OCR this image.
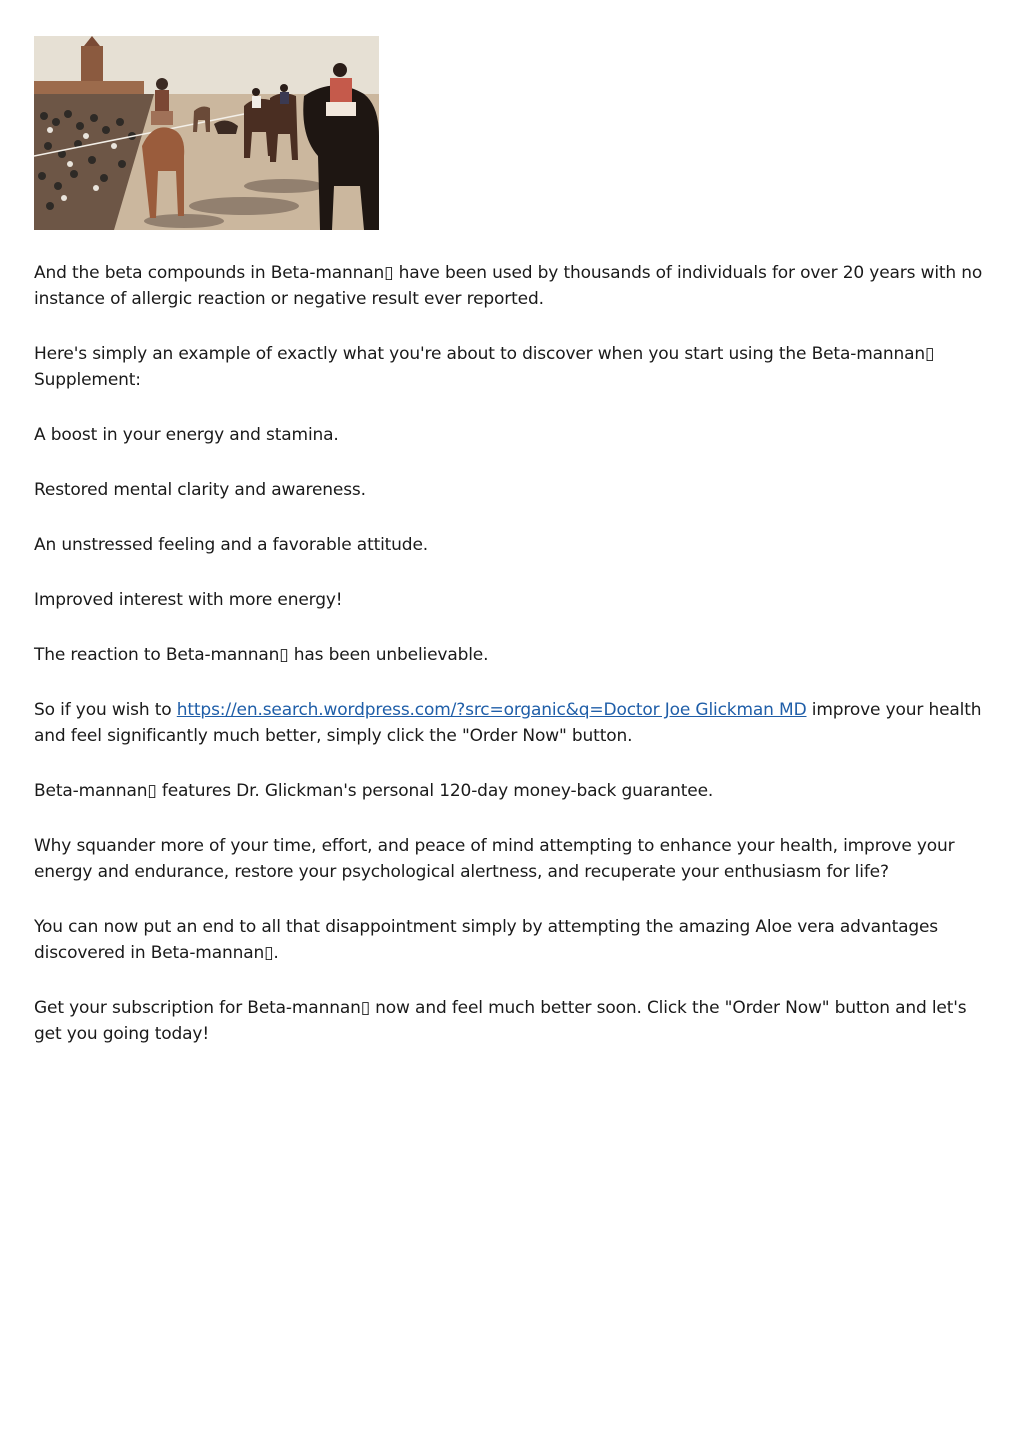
And the beta compounds in Beta-mannan▯ have been used by thousands of individuals for over 20 years with no instance of allergic reaction or negative result ever reported.

Here's simply an example of exactly what you're about to discover when you start using the Beta-mannan▯ Supplement:

A boost in your energy and stamina.

Restored mental clarity and awareness.

An unstressed feeling and a favorable attitude.

Improved interest with more energy!

The reaction to Beta-mannan▯ has been unbelievable.

So if you wish to https://en.search.wordpress.com/?src=organic&q=Doctor Joe Glickman MD improve your health and feel significantly much better, simply click the "Order Now" button.

Beta-mannan▯ features Dr. Glickman's personal 120-day money-back guarantee.

Why squander more of your time, effort, and peace of mind attempting to enhance your health, improve your energy and endurance, restore your psychological alertness, and recuperate your enthusiasm for life?

You can now put an end to all that disappointment simply by attempting the amazing Aloe vera advantages discovered in Beta-mannan▯.

Get your subscription for Beta-mannan▯ now and feel much better soon. Click the "Order Now" button and let's get you going today!
